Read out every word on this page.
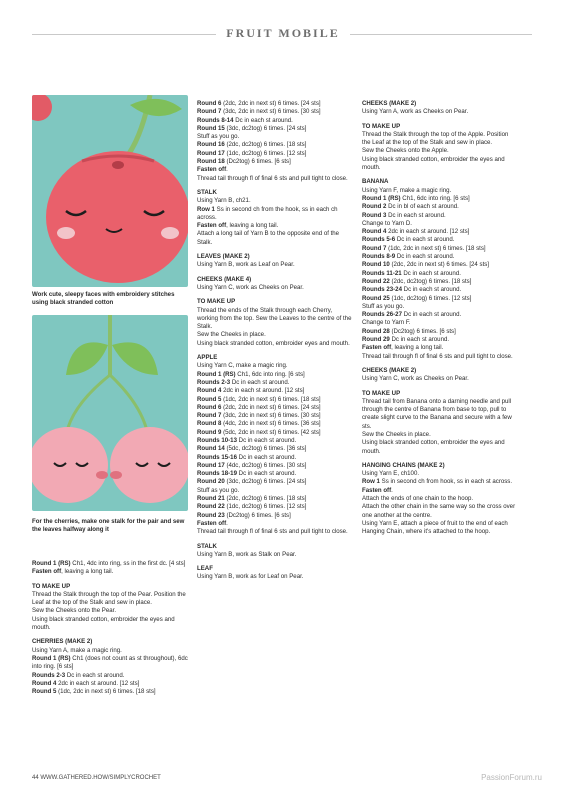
FRUIT MOBILE
Work cute, sleepy faces with embroidery stitches using black stranded cotton
For the cherries, make one stalk for the pair and sew the leaves halfway along it

Round 1 (RS) Ch1, 4dc into ring, ss in the first dc. [4 sts]

Fasten off, leaving a long tail.

TO MAKE UP

Thread the Stalk through the top of the Pear. Position the Leaf at the top of the Stalk and sew in place.

Sew the Cheeks onto the Pear.

Using black stranded cotton, embroider the eyes and mouth.

CHERRIES (MAKE 2)

Using Yarn A, make a magic ring.

Round 1 (RS) Ch1 (does not count as st throughout), 6dc into ring. [6 sts]

Rounds 2-3 Dc in each st around.

Round 4 2dc in each st around. [12 sts]

Round 5 (1dc, 2dc in next st) 6 times. [18 sts]

Round 6 (2dc, 2dc in next st) 6 times. [24 sts]

Round 7 (3dc, 2dc in next st) 6 times. [30 sts]

Rounds 8-14 Dc in each st around.

Round 15 (3dc, dc2tog) 6 times. [24 sts]

Stuff as you go.

Round 16 (2dc, dc2tog) 6 times. [18 sts]

Round 17 (1dc, dc2tog) 6 times. [12 sts]

Round 18 (Dc2tog) 6 times. [6 sts]

Fasten off.

Thread tail through fl of final 6 sts and pull tight to close.

STALK

Using Yarn B, ch21.

Row 1 Ss in second ch from the hook, ss in each ch across.

Fasten off, leaving a long tail.

Attach a long tail of Yarn B to the opposite end of the Stalk.

LEAVES (MAKE 2)

Using Yarn B, work as Leaf on Pear.

CHEEKS (MAKE 4)

Using Yarn C, work as Cheeks on Pear.

TO MAKE UP

Thread the ends of the Stalk through each Cherry, working from the top. Sew the Leaves to the centre of the Stalk.

Sew the Cheeks in place.

Using black stranded cotton, embroider eyes and mouth.

APPLE

Using Yarn C, make a magic ring.

Round 1 (RS) Ch1, 6dc into ring. [6 sts]

Rounds 2-3 Dc in each st around.

Round 4 2dc in each st around. [12 sts]

Round 5 (1dc, 2dc in next st) 6 times. [18 sts]

Round 6 (2dc, 2dc in next st) 6 times. [24 sts]

Round 7 (3dc, 2dc in next st) 6 times. [30 sts]

Round 8 (4dc, 2dc in next st) 6 times. [36 sts]

Round 9 (5dc, 2dc in next st) 6 times. [42 sts]

Rounds 10-13 Dc in each st around.

Round 14 (5dc, dc2tog) 6 times. [36 sts]

Rounds 15-16 Dc in each st around.

Round 17 (4dc, dc2tog) 6 times. [30 sts]

Rounds 18-19 Dc in each st around.

Round 20 (3dc, dc2tog) 6 times. [24 sts]

Stuff as you go.

Round 21 (2dc, dc2tog) 6 times. [18 sts]

Round 22 (1dc, dc2tog) 6 times. [12 sts]

Round 23 (Dc2tog) 6 times. [6 sts]

Fasten off.

Thread tail through fl of final 6 sts and pull tight to close.

STALK

Using Yarn B, work as Stalk on Pear.

LEAF

Using Yarn B, work as for Leaf on Pear.

CHEEKS (MAKE 2)

Using Yarn A, work as Cheeks on Pear.

TO MAKE UP

Thread the Stalk through the top of the Apple. Position the Leaf at the top of the Stalk and sew in place.

Sew the Cheeks onto the Apple.

Using black stranded cotton, embroider the eyes and mouth.

BANANA

Using Yarn F, make a magic ring.

Round 1 (RS) Ch1, 6dc into ring. [6 sts]

Round 2 Dc in bl of each st around.

Round 3 Dc in each st around.

Change to Yarn D.

Round 4 2dc in each st around. [12 sts]

Rounds 5-6 Dc in each st around.

Round 7 (1dc, 2dc in next st) 6 times. [18 sts]

Rounds 8-9 Dc in each st around.

Round 10 (2dc, 2dc in next st) 6 times. [24 sts]

Rounds 11-21 Dc in each st around.

Round 22 (2dc, dc2tog) 6 times. [18 sts]

Rounds 23-24 Dc in each st around.

Round 25 (1dc, dc2tog) 6 times. [12 sts]

Stuff as you go.

Rounds 26-27 Dc in each st around.

Change to Yarn F.

Round 28 (Dc2tog) 6 times. [6 sts]

Round 29 Dc in each st around.

Fasten off, leaving a long tail.

Thread tail through fl of final 6 sts and pull tight to close.

CHEEKS (MAKE 2)

Using Yarn C, work as Cheeks on Pear.

TO MAKE UP

Thread tail from Banana onto a darning needle and pull through the centre of Banana from base to top, pull to create slight curve to the Banana and secure with a few sts.

Sew the Cheeks in place.

Using black stranded cotton, embroider the eyes and mouth.

HANGING CHAINS (MAKE 2)

Using Yarn E, ch100.

Row 1 Ss in second ch from hook, ss in each st across.

Fasten off.

Attach the ends of one chain to the hoop.

Attach the other chain in the same way so the cross over one another at the centre.

Using Yarn E, attach a piece of fruit to the end of each Hanging Chain, where it's attached to the hoop.

44 WWW.GATHERED.HOW/SIMPLYCROCHET	PassionForum.ru
